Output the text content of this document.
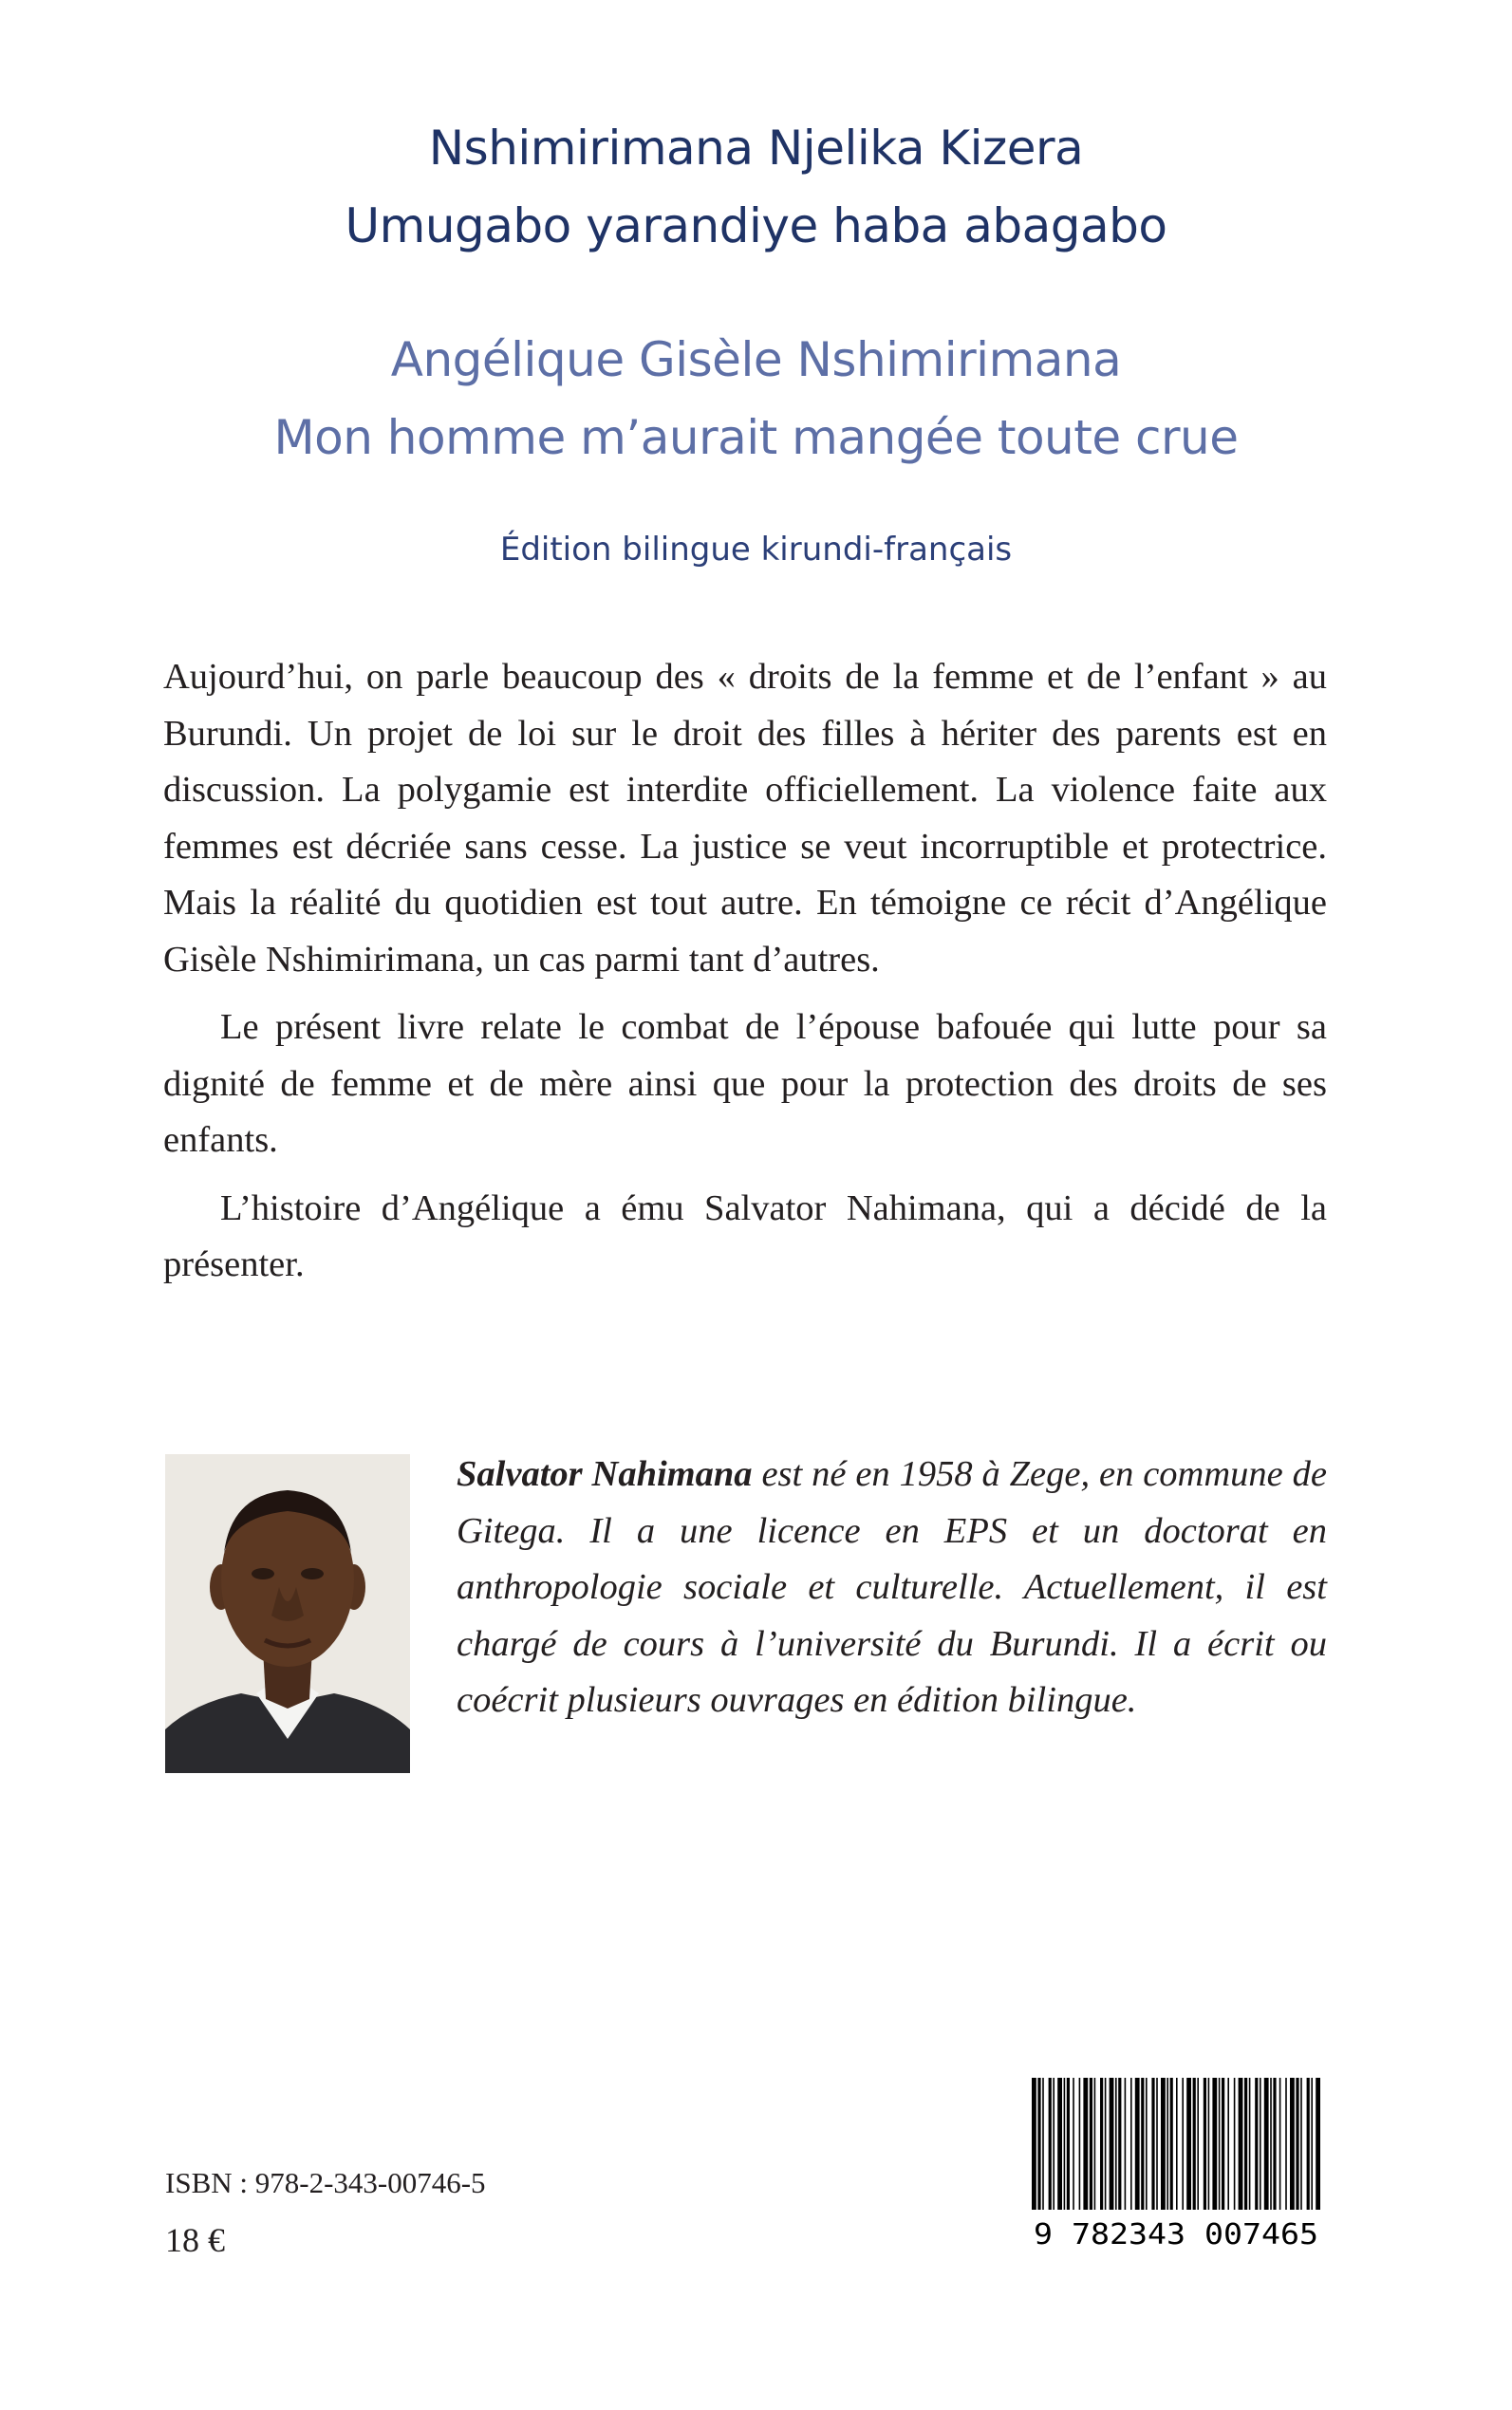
Nshimirimana Njelika Kizera
Umugabo yarandiye haba abagabo
Angélique Gisèle Nshimirimana
Mon homme m’aurait mangée toute crue
Édition bilingue kirundi-français

Aujourd’hui, on parle beaucoup des « droits de la femme et de l’enfant » au Burundi. Un projet de loi sur le droit des filles à hériter des parents est en discussion. La polygamie est interdite officiellement. La violence faite aux femmes est décriée sans cesse. La justice se veut incorruptible et protectrice. Mais la réalité du quotidien est tout autre. En témoigne ce récit d’Angélique Gisèle Nshimirimana, un cas parmi tant d’autres.

Le présent livre relate le combat de l’épouse bafouée qui lutte pour sa dignité de femme et de mère ainsi que pour la protection des droits de ses enfants.

L’histoire d’Angélique a ému Salvator Nahimana, qui a décidé de la présenter.

Salvator Nahimana est né en 1958 à Zege, en commune de Gitega. Il a une licence en EPS et un doctorat en anthropologie sociale et culturelle. Actuellement, il est chargé de cours à l’université du Burundi. Il a écrit ou coécrit plusieurs ouvrages en édition bilingue.
ISBN : 978-2-343-00746-5
18 €	9 782343 007465
